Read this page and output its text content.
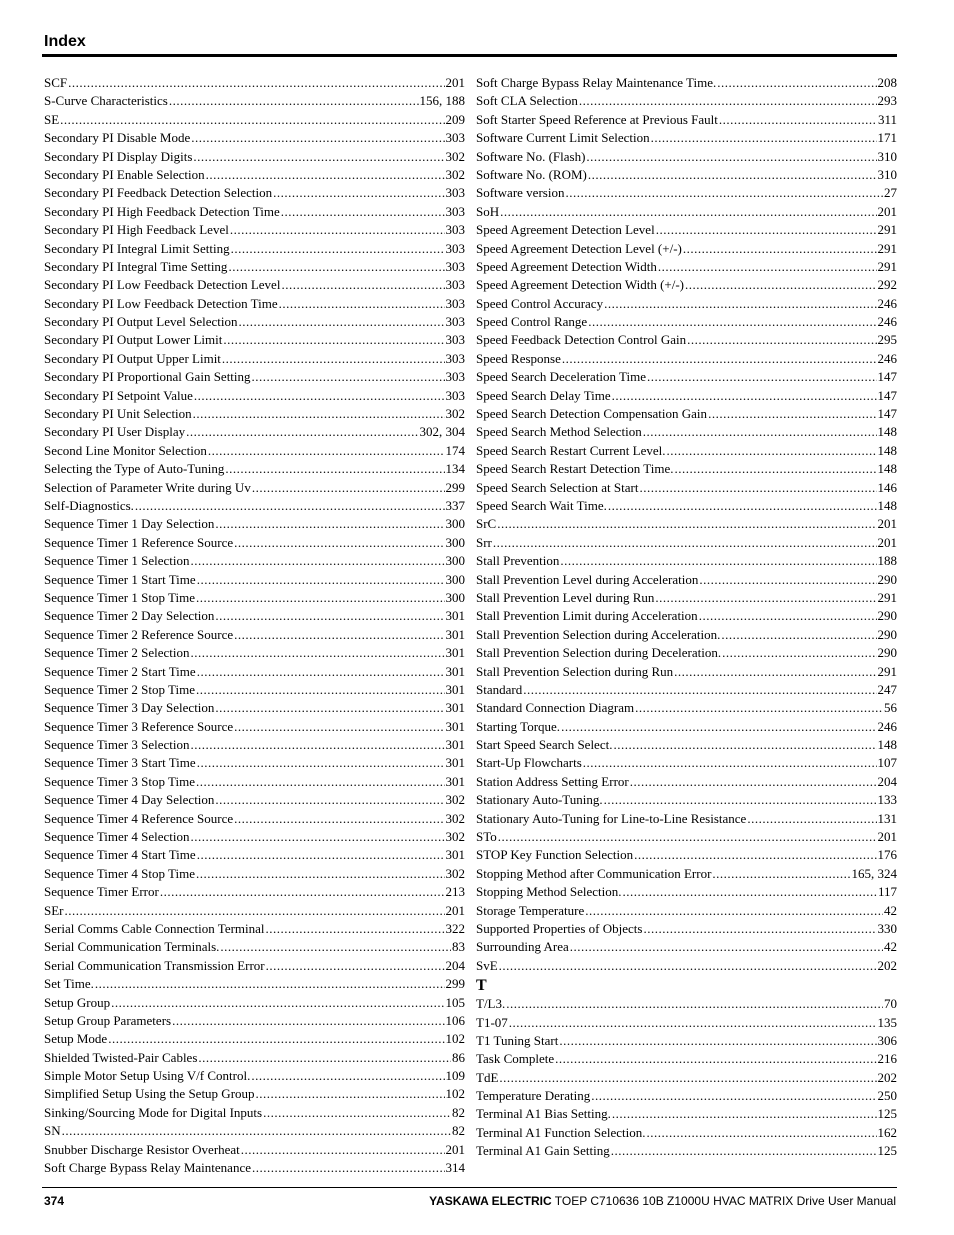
Index
SCF .....	201
S-Curve Characteristics .....	156, 188
SE .....	209
Secondary PI Disable Mode .....	303
Secondary PI Display Digits .....	302
Secondary PI Enable Selection .....	302
Secondary PI Feedback Detection Selection .....	303
Secondary PI High Feedback Detection Time .....	303
Secondary PI High Feedback Level .....	303
Secondary PI Integral Limit Setting .....	303
Secondary PI Integral Time Setting .....	303
Secondary PI Low Feedback Detection Level .....	303
Secondary PI Low Feedback Detection Time .....	303
Secondary PI Output Level Selection .....	303
Secondary PI Output Lower Limit .....	303
Secondary PI Output Upper Limit .....	303
Secondary PI Proportional Gain Setting .....	303
Secondary PI Setpoint Value .....	303
Secondary PI Unit Selection .....	302
Secondary PI User Display .....	302, 304
Second Line Monitor Selection .....	174
Selecting the Type of Auto-Tuning .....	134
Selection of Parameter Write during Uv .....	299
Self-Diagnostics. .....	337
Sequence Timer 1 Day Selection .....	300
Sequence Timer 1 Reference Source .....	300
Sequence Timer 1 Selection .....	300
Sequence Timer 1 Start Time .....	300
Sequence Timer 1 Stop Time .....	300
Sequence Timer 2 Day Selection .....	301
Sequence Timer 2 Reference Source .....	301
Sequence Timer 2 Selection .....	301
Sequence Timer 2 Start Time .....	301
Sequence Timer 2 Stop Time .....	301
Sequence Timer 3 Day Selection .....	301
Sequence Timer 3 Reference Source .....	301
Sequence Timer 3 Selection .....	301
Sequence Timer 3 Start Time .....	301
Sequence Timer 3 Stop Time .....	301
Sequence Timer 4 Day Selection .....	302
Sequence Timer 4 Reference Source .....	302
Sequence Timer 4 Selection .....	302
Sequence Timer 4 Start Time .....	301
Sequence Timer 4 Stop Time .....	302
Sequence Timer Error .....	213
SEr .....	201
Serial Comms Cable Connection Terminal .....	322
Serial Communication Terminals. .....	83
Serial Communication Transmission Error .....	204
Set Time. .....	299
Setup Group .....	105
Setup Group Parameters .....	106
Setup Mode .....	102
Shielded Twisted-Pair Cables .....	86
Simple Motor Setup Using V/f Control. .....	109
Simplified Setup Using the Setup Group .....	102
Sinking/Sourcing Mode for Digital Inputs .....	82
SN .....	82
Snubber Discharge Resistor Overheat .....	201
Soft Charge Bypass Relay Maintenance .....	314
Soft Charge Bypass Relay Maintenance Time. .....	208
Soft CLA Selection .....	293
Soft Starter Speed Reference at Previous Fault .....	311
Software Current Limit Selection .....	171
Software No. (Flash) .....	310
Software No. (ROM) .....	310
Software version .....	27
SoH .....	201
Speed Agreement Detection Level .....	291
Speed Agreement Detection Level (+/-) .....	291
Speed Agreement Detection Width .....	291
Speed Agreement Detection Width (+/-) .....	292
Speed Control Accuracy .....	246
Speed Control Range .....	246
Speed Feedback Detection Control Gain .....	295
Speed Response .....	246
Speed Search Deceleration Time .....	147
Speed Search Delay Time .....	147
Speed Search Detection Compensation Gain .....	147
Speed Search Method Selection .....	148
Speed Search Restart Current Level. .....	148
Speed Search Restart Detection Time. .....	148
Speed Search Selection at Start .....	146
Speed Search Wait Time. .....	148
SrC .....	201
Srr .....	201
Stall Prevention .....	188
Stall Prevention Level during Acceleration .....	290
Stall Prevention Level during Run .....	291
Stall Prevention Limit during Acceleration .....	290
Stall Prevention Selection during Acceleration. .....	290
Stall Prevention Selection during Deceleration. .....	290
Stall Prevention Selection during Run .....	291
Standard .....	247
Standard Connection Diagram .....	56
Starting Torque. .....	246
Start Speed Search Select. .....	148
Start-Up Flowcharts .....	107
Station Address Setting Error .....	204
Stationary Auto-Tuning. .....	133
Stationary Auto-Tuning for Line-to-Line Resistance .....	131
STo .....	201
STOP Key Function Selection .....	176
Stopping Method after Communication Error .....	165, 324
Stopping Method Selection. .....	117
Storage Temperature .....	42
Supported Properties of Objects .....	330
Surrounding Area .....	42
SvE .....	202
T
T/L3. .....	70
T1-07 .....	135
T1 Tuning Start .....	306
Task Complete .....	216
TdE .....	202
Temperature Derating .....	250
Terminal A1 Bias Setting. .....	125
Terminal A1 Function Selection. .....	162
Terminal A1 Gain Setting .....	125
374	YASKAWA ELECTRIC TOEP C710636 10B Z1000U HVAC MATRIX Drive User Manual
